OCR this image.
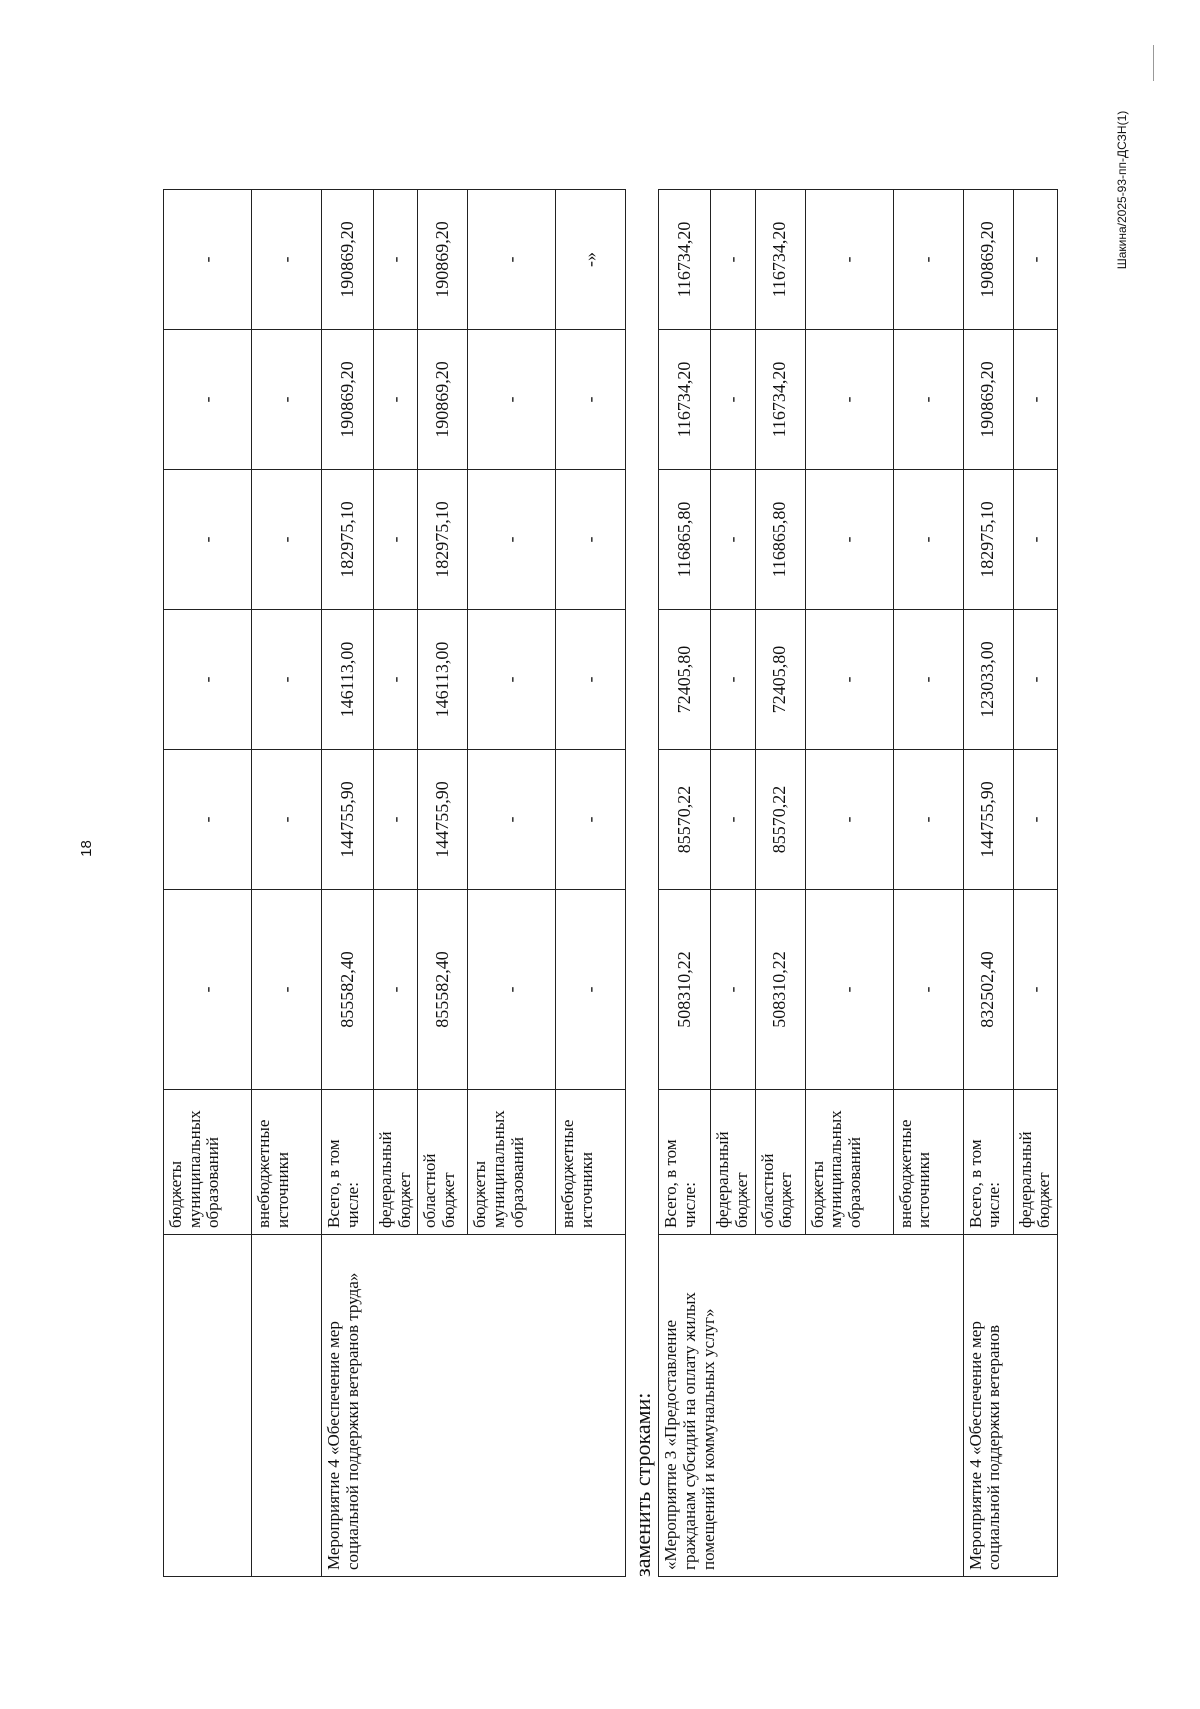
18
Шакина/2025-93-пп-ДСЗН(1)
	бюджеты муниципальных образований	-	-	-	-	-	-
	внебюджетные источники	-	-	-	-	-	-
Мероприятие 4 «Обеспечение мер социальной поддержки ветеранов труда»	Всего, в том числе:	855582,40	144755,90	146113,00	182975,10	190869,20	190869,20
	федеральный бюджет	-	-	-	-	-	-
	областной бюджет	855582,40	144755,90	146113,00	182975,10	190869,20	190869,20
	бюджеты муниципальных образований	-	-	-	-	-	-
	внебюджетные источники	-	-	-	-	-	-»
заменить строками: «Мероприятие 3 «Предоставление гражданам субсидий на оплату жилых помещений и коммунальных услуг»	Всего, в том числе:	508310,22	85570,22	72405,80	116865,80	116734,20	116734,20
	федеральный бюджет	-	-	-	-	-	-
	областной бюджет	508310,22	85570,22	72405,80	116865,80	116734,20	116734,20
	бюджеты муниципальных образований	-	-	-	-	-	-
	внебюджетные источники	-	-	-	-	-	-
Мероприятие 4 «Обеспечение мер социальной поддержки ветеранов	Всего, в том числе:	832502,40	144755,90	123033,00	182975,10	190869,20	190869,20
	федеральный бюджет	-	-	-	-	-	-
